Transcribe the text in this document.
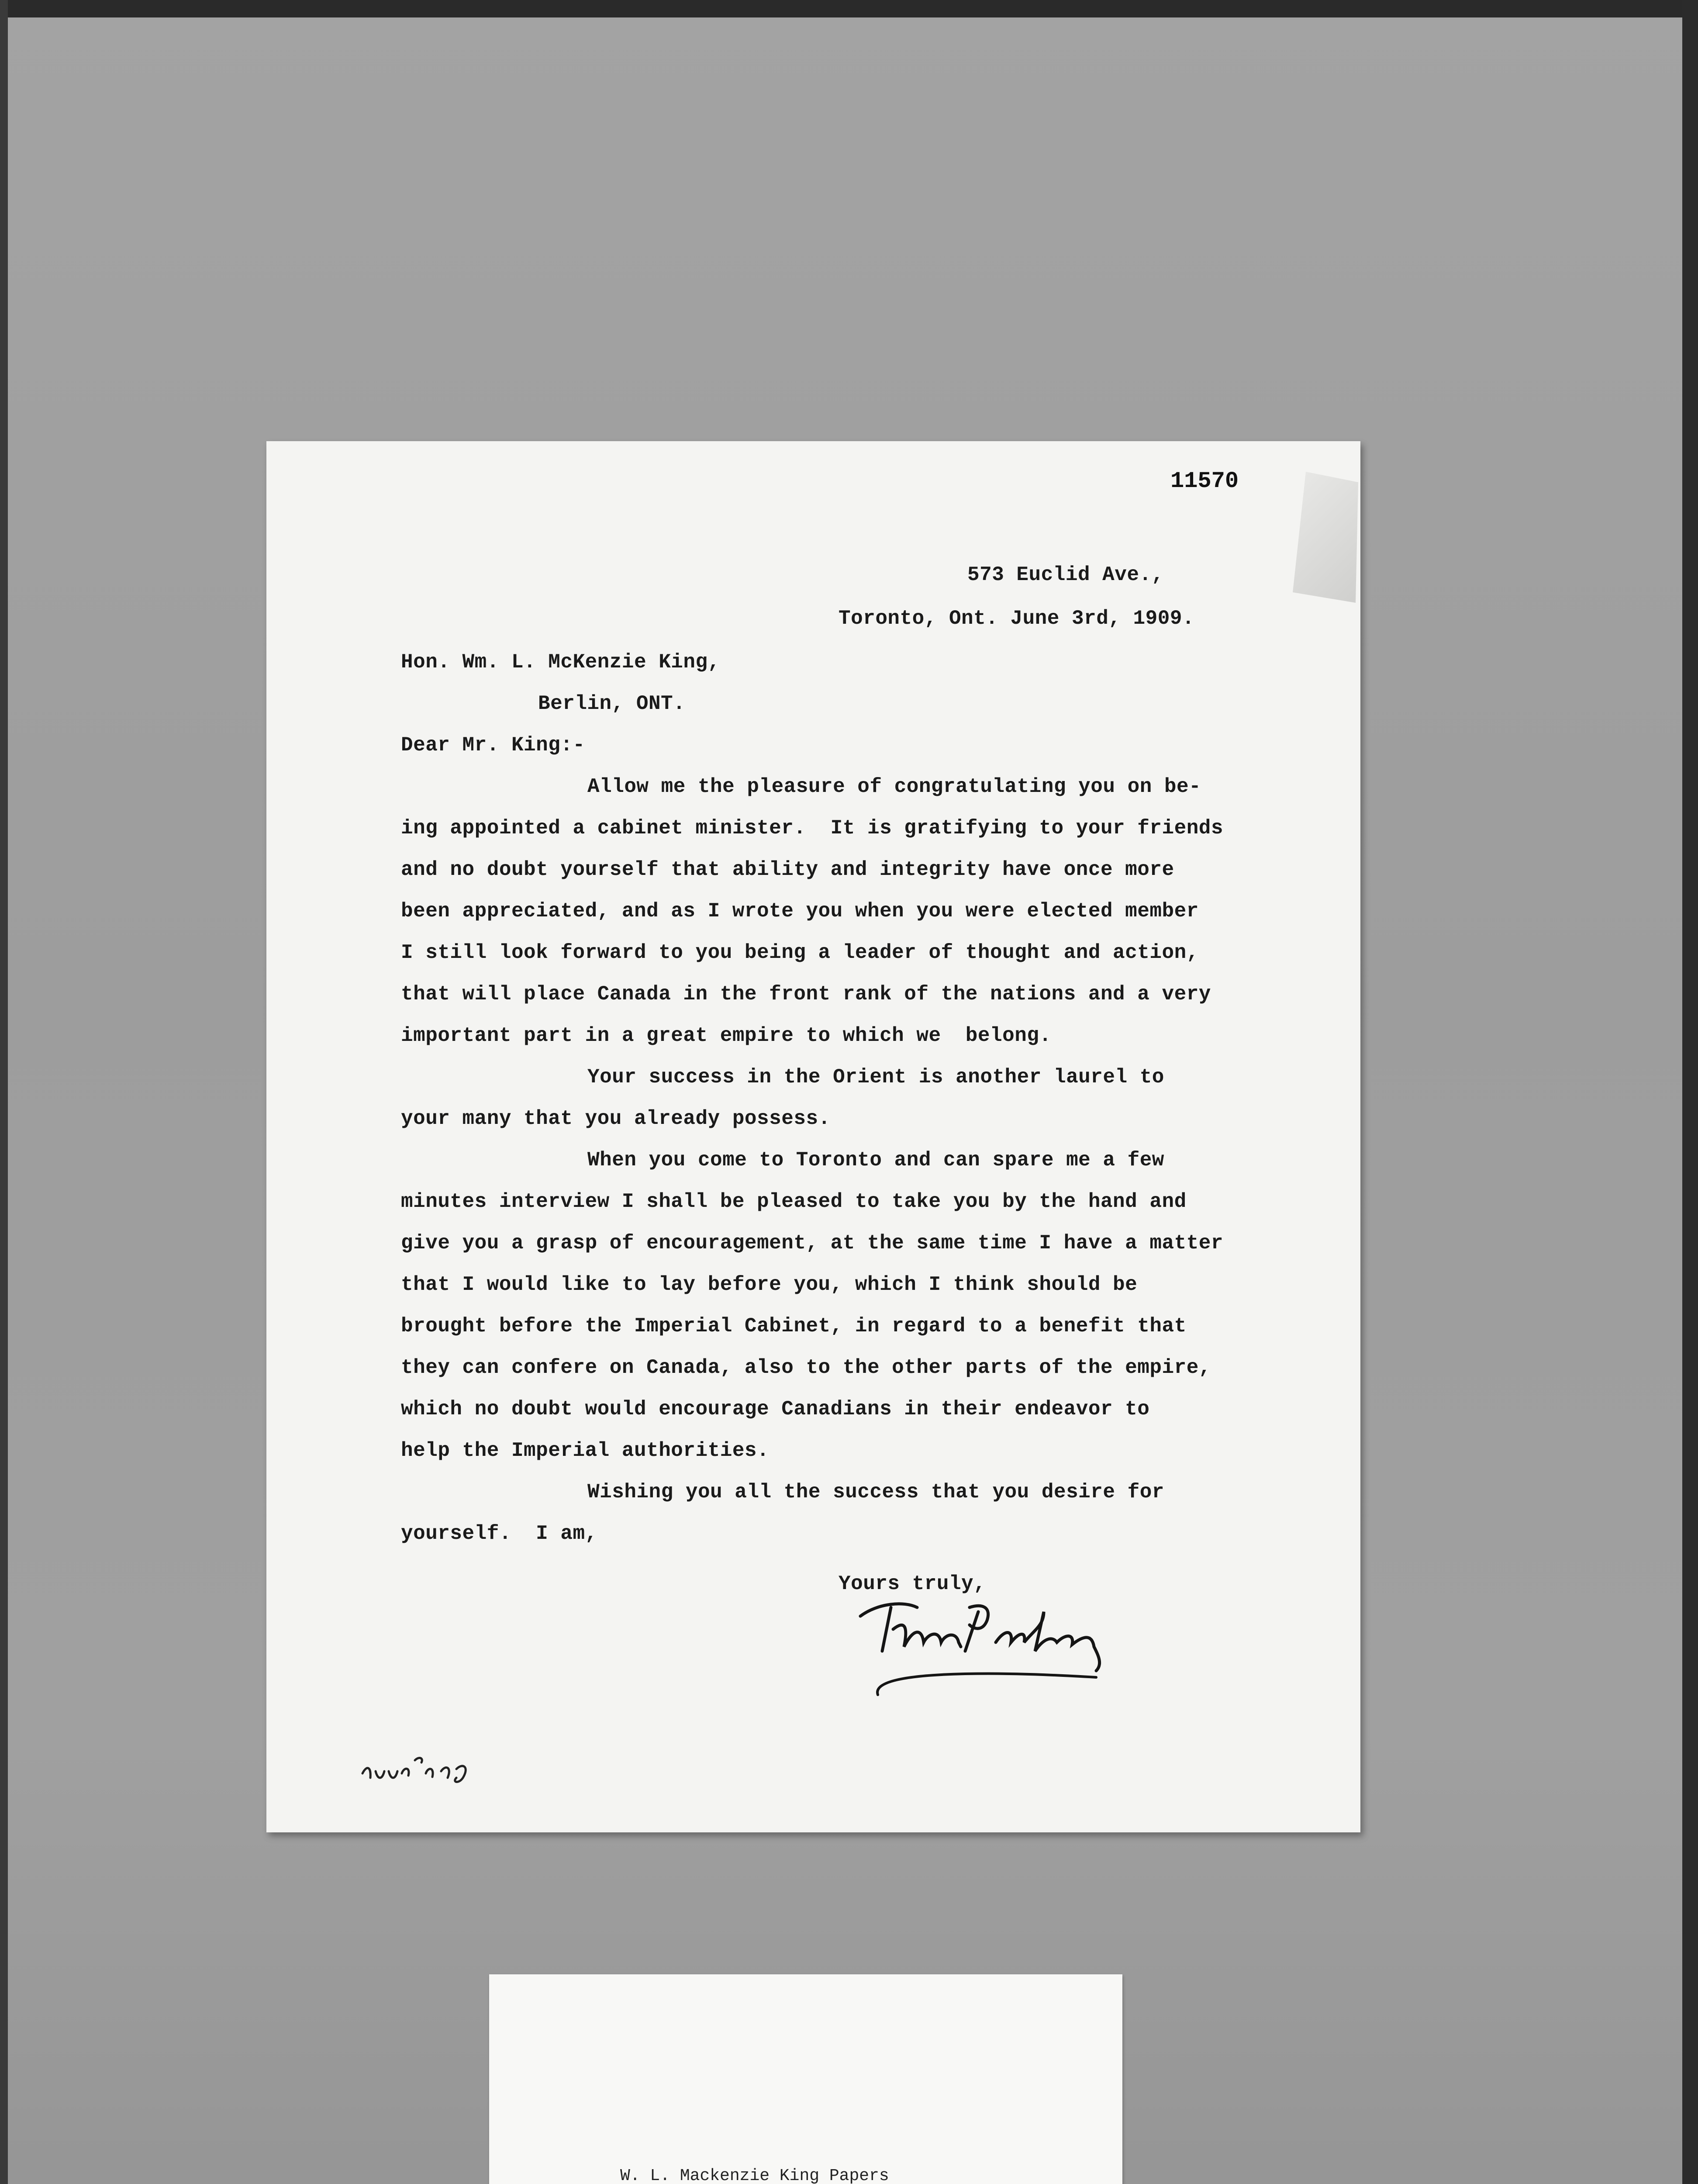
11570
573 Euclid Ave.,
Toronto, Ont. June 3rd, 1909.
Hon. Wm. L. McKenzie King,
Berlin, ONT.
Dear Mr. King:-
Allow me the pleasure of congratulating you on be-
ing appointed a cabinet minister.  It is gratifying to your friends
and no doubt yourself that ability and integrity have once more
been appreciated, and as I wrote you when you were elected member
I still look forward to you being a leader of thought and action,
that will place Canada in the front rank of the nations and a very
important part in a great empire to which we  belong.
Your success in the Orient is another laurel to
your many that you already possess.
When you come to Toronto and can spare me a few
minutes interview I shall be pleased to take you by the hand and
give you a grasp of encouragement, at the same time I have a matter
that I would like to lay before you, which I think should be
brought before the Imperial Cabinet, in regard to a benefit that
they can confere on Canada, also to the other parts of the empire,
which no doubt would encourage Canadians in their endeavor to
help the Imperial authorities.
Wishing you all the success that you desire for
yourself.  I am,
Yours truly,
W. L. Mackenzie King Papers
